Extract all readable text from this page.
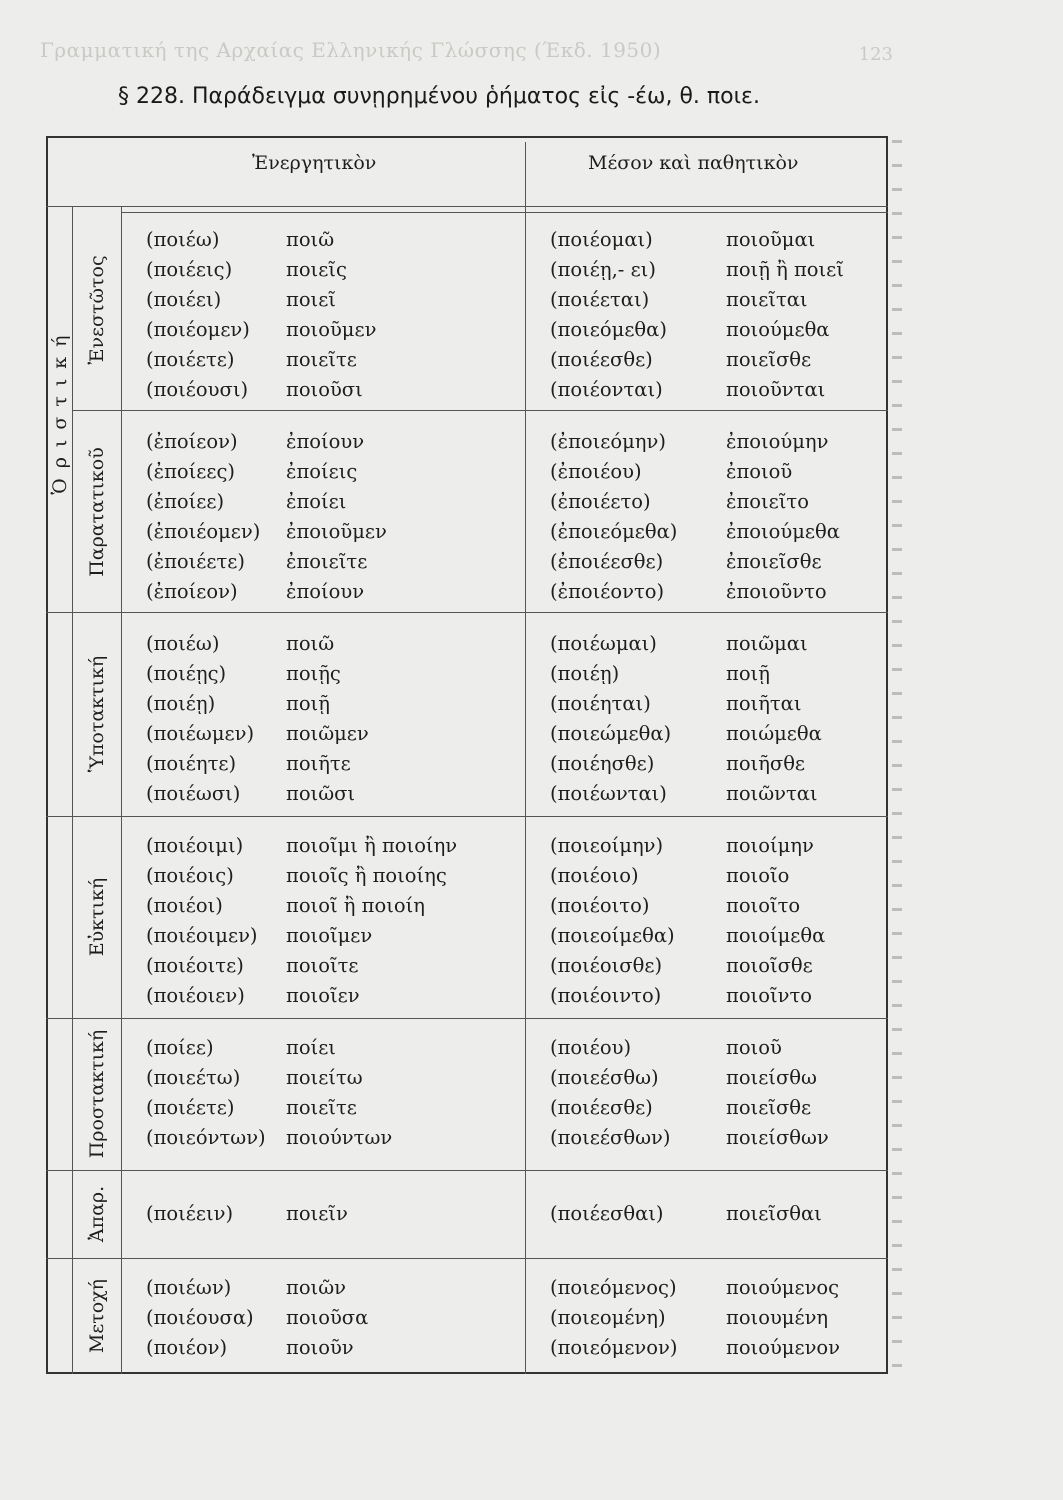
Γραμματική της Αρχαίας Ελληνικής Γλώσσης (Έκδ. 1950)	123
§ 228. Παράδειγμα συνῃρημένου ῥήματος εἰς -έω, θ. ποιε.
Ἐνεργητικὸν	Μέσον καὶ παθητικὸν
Ὁριστική
Ἐνεστῶτος
Παρατατικοῦ
Ὑποτακτική
Εὐκτική
Προστακτική
Ἀπαρ.
Μετοχή
(ποιέω)	ποιῶ	(ποιέομαι)	ποιοῦμαι
(ποιέεις)	ποιεῖς	(ποιέῃ,- ει)	ποιῇ ἢ ποιεῖ
(ποιέει)	ποιεῖ	(ποιέεται)	ποιεῖται
(ποιέομεν) ποιοῦμεν	(ποιεόμεθα)	ποιούμεθα
(ποιέετε)	ποιεῖτε	(ποιέεσθε)	ποιεῖσθε
(ποιέουσι) ποιοῦσι	(ποιέονται)	ποιοῦνται
(ἐποίεον) ἐποίουν	(ἐποιεόμην)	ἐποιούμην
(ἐποίεες)	ἐποίεις	(ἐποιέου)	ἐποιοῦ
(ἐποίεε)	ἐποίει	(ἐποιέετο)	ἐποιεῖτο
(ἐποιέομεν) ἐποιοῦμεν	(ἐποιεόμεθα) ἐποιούμεθα
(ἐποιέετε) ἐποιεῖτε	(ἐποιέεσθε)	ἐποιεῖσθε
(ἐποίεον) ἐποίουν	(ἐποιέοντο)	ἐποιοῦντο
(ποιέω)	ποιῶ	(ποιέωμαι)	ποιῶμαι
(ποιέῃς)	ποιῇς	(ποιέῃ)	ποιῇ
(ποιέῃ)	ποιῇ	(ποιέηται)	ποιῆται
(ποιέωμεν) ποιῶμεν	(ποιεώμεθα)	ποιώμεθα
(ποιέητε)	ποιῆτε	(ποιέησθε)	ποιῆσθε
(ποιέωσι) ποιῶσι	(ποιέωνται)	ποιῶνται
(ποιέοιμι) ποιοῖμι ἢ ποιοίην	(ποιεοίμην)	ποιοίμην
(ποιέοις)	ποιοῖς ἢ ποιοίης	(ποιέοιο)	ποιοῖο
(ποιέοι)	ποιοῖ ἢ ποιοίη	(ποιέοιτο)	ποιοῖτο
(ποιέοιμεν) ποιοῖμεν	(ποιεοίμεθα)	ποιοίμεθα
(ποιέοιτε) ποιοῖτε	(ποιέοισθε)	ποιοῖσθε
(ποιέοιεν) ποιοῖεν	(ποιέοιντο)	ποιοῖντο
(ποίεε)	ποίει	(ποιέου)	ποιοῦ
(ποιεέτω) ποιείτω	(ποιεέσθω)	ποιείσθω
(ποιέετε)	ποιεῖτε	(ποιέεσθε)	ποιεῖσθε
(ποιεόντων) ποιούντων	(ποιεέσθων)	ποιείσθων
(ποιέειν)	ποιεῖν	(ποιέεσθαι)	ποιεῖσθαι
(ποιέων)	ποιῶν	(ποιεόμενος)	ποιούμενος
(ποιέουσα) ποιοῦσα	(ποιεομένη)	ποιουμένη
(ποιέον)	ποιοῦν	(ποιεόμενον) ποιούμενον
